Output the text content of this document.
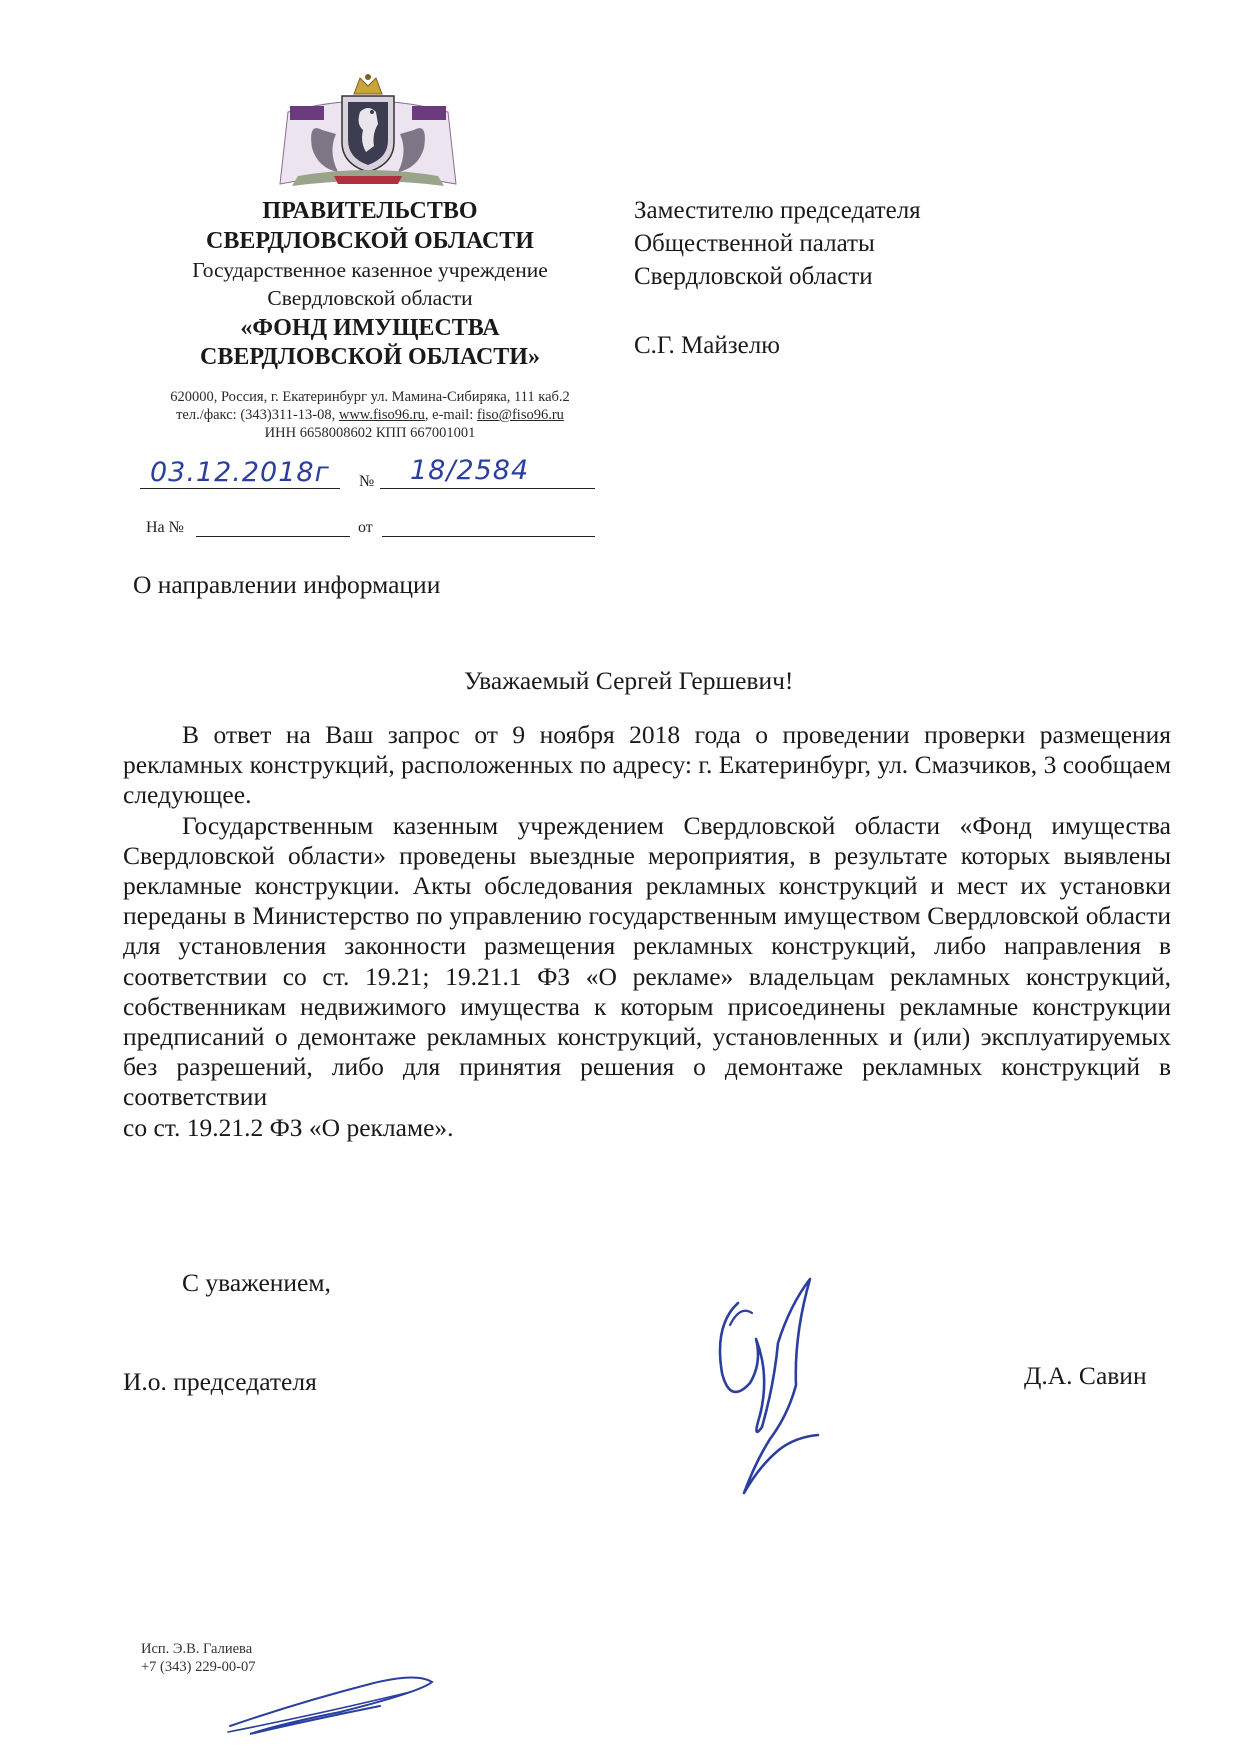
ПРАВИТЕЛЬСТВО
СВЕРДЛОВСКОЙ ОБЛАСТИ
Государственное казенное учреждение
Свердловской области
«ФОНД ИМУЩЕСТВА
СВЕРДЛОВСКОЙ ОБЛАСТИ»
620000, Россия, г. Екатеринбург ул. Мамина-Сибиряка, 111 каб.2
тел./факс: (343)311-13-08, www.fiso96.ru, e-mail: fiso@fiso96.ru
ИНН 6658008602 КПП 667001001
03.12.2018г № 18/2584
На №	от
Заместителю председателя
Общественной палаты
Свердловской области
С.Г. Майзелю
О направлении информации
Уважаемый Сергей Гершевич!

В ответ на Ваш запрос от 9 ноября 2018 года о проведении проверки размещения рекламных конструкций, расположенных по адресу: г. Екатеринбург, ул. Смазчиков, 3 сообщаем следующее.

Государственным казенным учреждением Свердловской области «Фонд имущества Свердловской области» проведены выездные мероприятия, в результате которых выявлены рекламные конструкции. Акты обследования рекламных конструкций и мест их установки переданы в Министерство по управлению государственным имуществом Свердловской области для установления законности размещения рекламных конструкций, либо направления в соответствии со ст. 19.21; 19.21.1 ФЗ «О рекламе» владельцам рекламных конструкций, собственникам недвижимого имущества к которым присоединены рекламные конструкции предписаний о демонтаже рекламных конструкций, установленных и (или) эксплуатируемых без разрешений, либо для принятия решения о демонтаже рекламных конструкций в соответствии

со ст. 19.21.2 ФЗ «О рекламе».

С уважением,
И.о. председателя	Д.А. Савин
Исп. Э.В. Галиева
+7 (343) 229-00-07
